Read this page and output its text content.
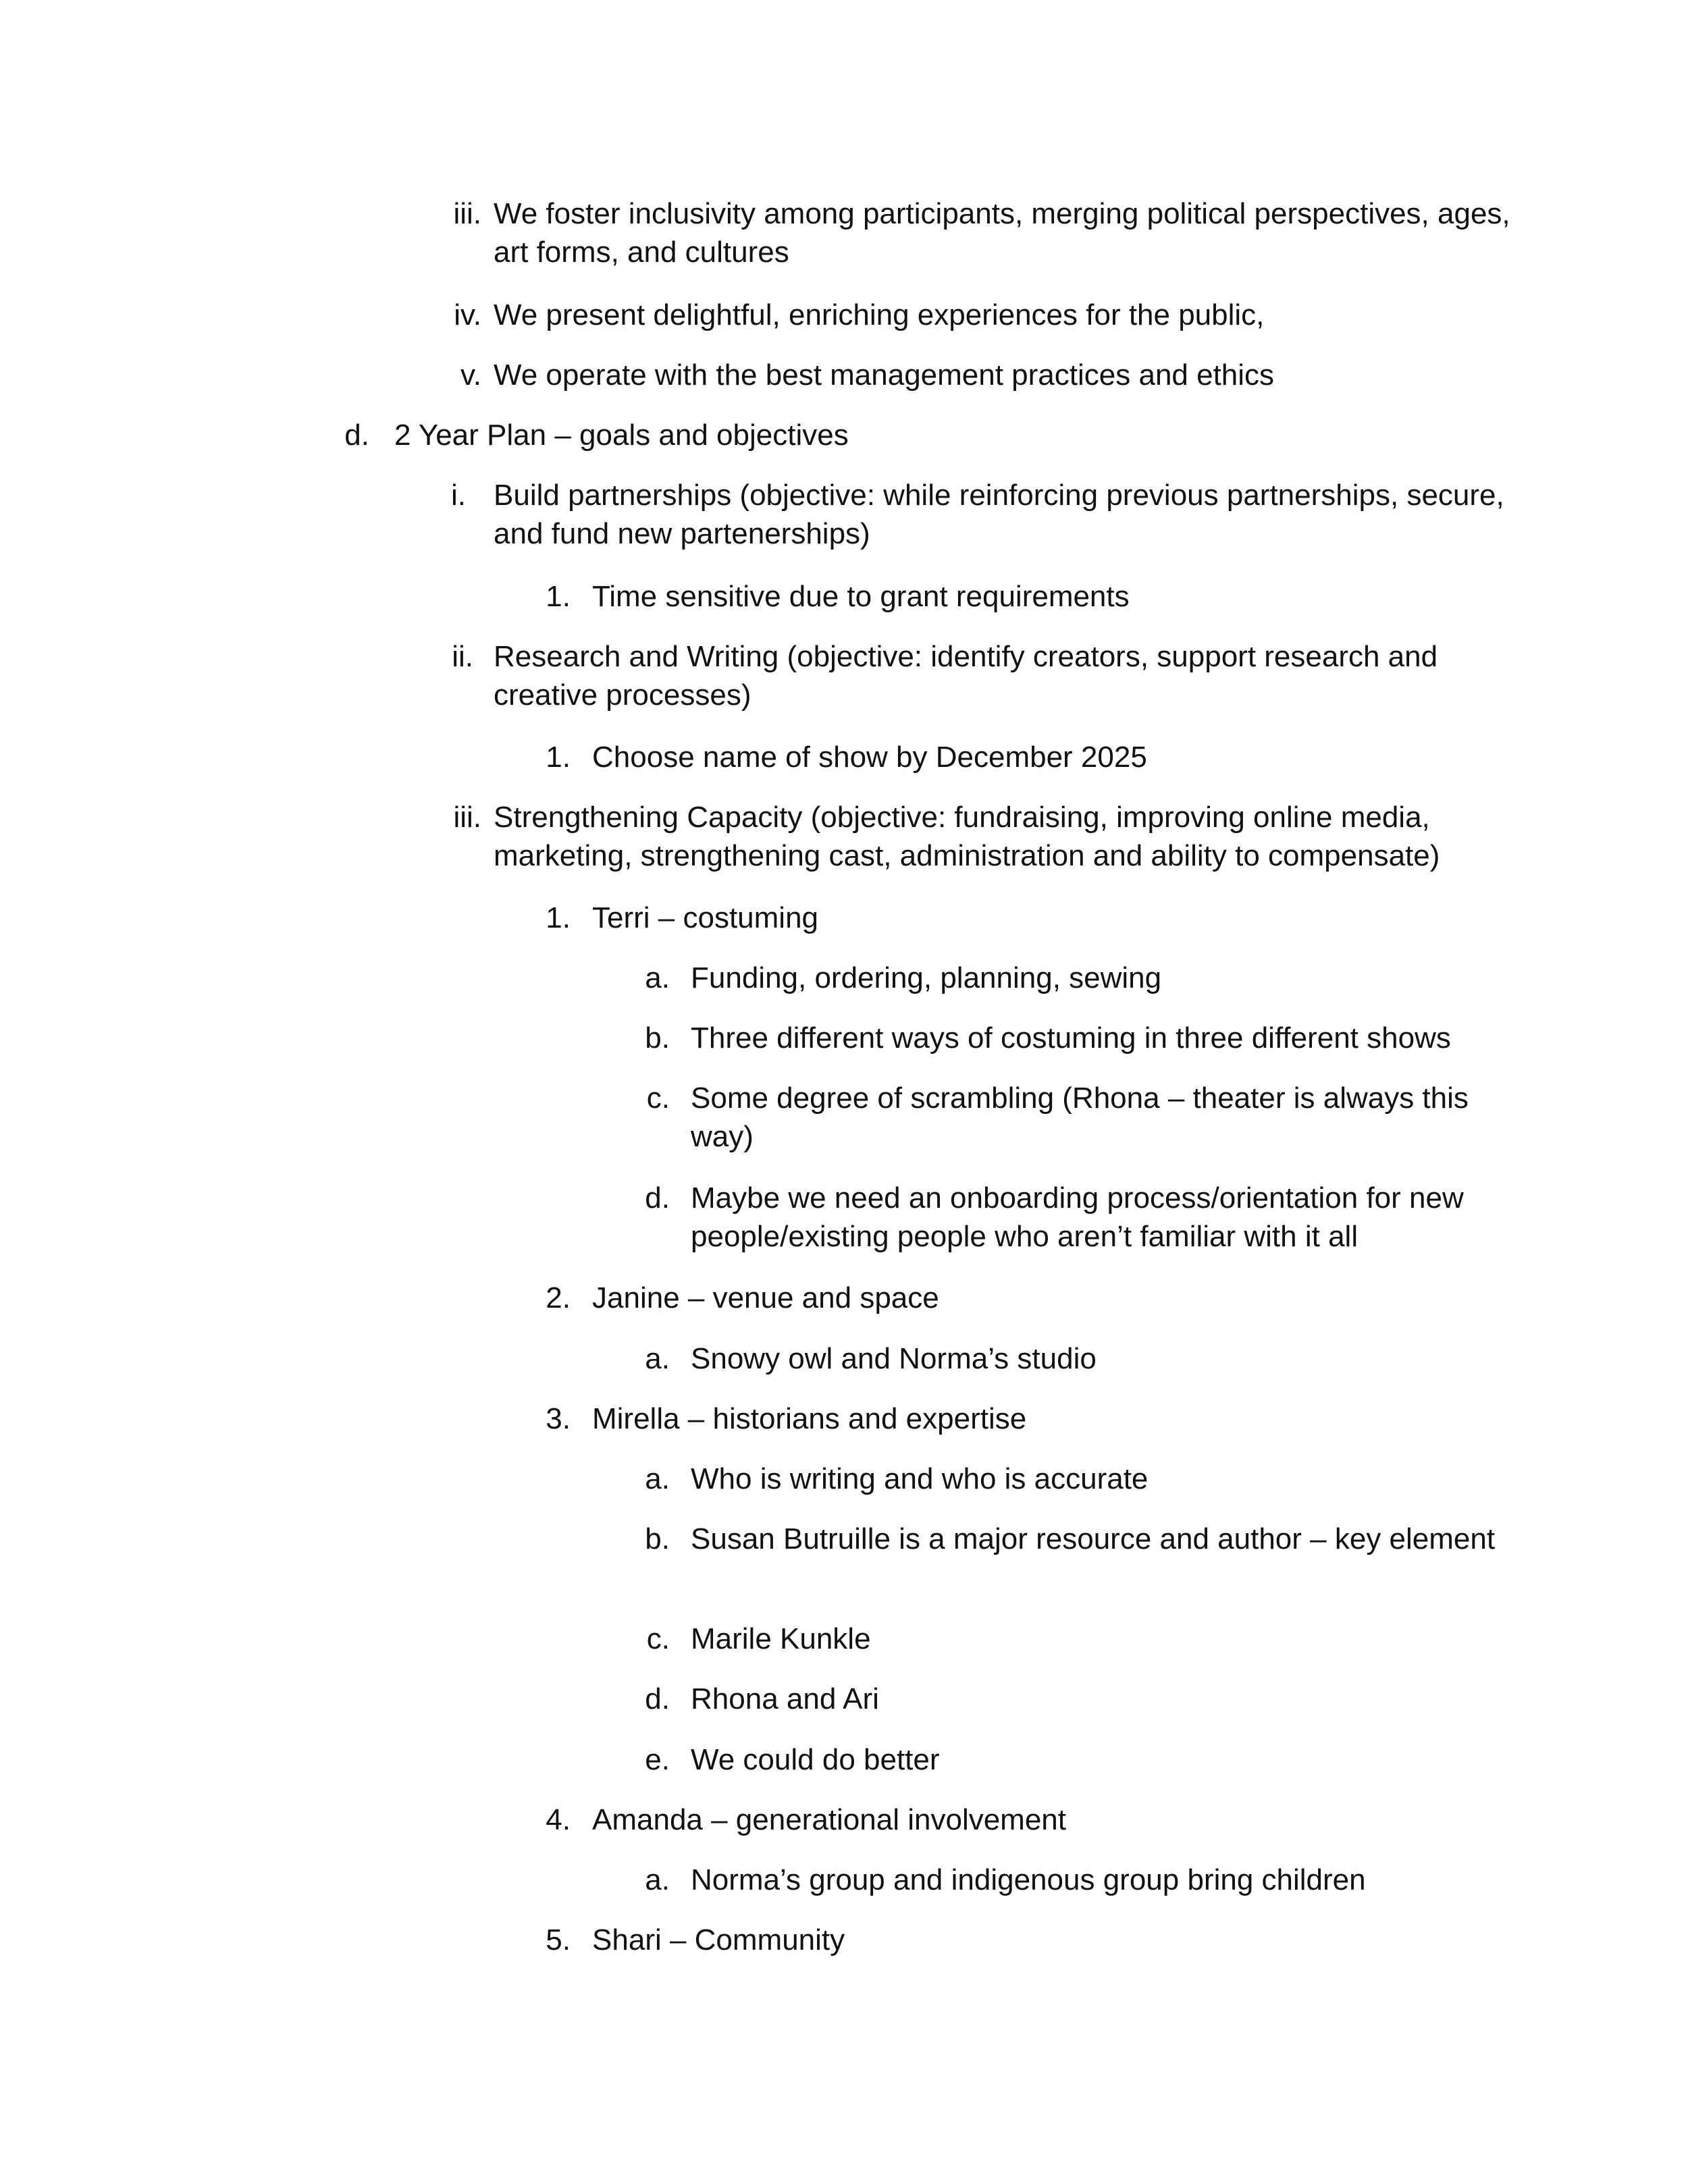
iii. We foster inclusivity among participants, merging political perspectives, ages, art forms, and cultures
iv. We present delightful, enriching experiences for the public,
v. We operate with the best management practices and ethics
d. 2 Year Plan – goals and objectives
i. Build partnerships (objective: while reinforcing previous partnerships, secure, and fund new partenerships)
1. Time sensitive due to grant requirements
ii. Research and Writing (objective: identify creators, support research and creative processes)
1. Choose name of show by December 2025
iii. Strengthening Capacity (objective: fundraising, improving online media, marketing, strengthening cast, administration and ability to compensate)
1. Terri – costuming
a. Funding, ordering, planning, sewing
b. Three different ways of costuming in three different shows
c. Some degree of scrambling (Rhona – theater is always this way)
d. Maybe we need an onboarding process/orientation for new people/existing people who aren’t familiar with it all
2. Janine – venue and space
a. Snowy owl and Norma’s studio
3. Mirella – historians and expertise
a. Who is writing and who is accurate
b. Susan Butruille is a major resource and author – key element
c. Marile Kunkle
d. Rhona and Ari
e. We could do better
4. Amanda – generational involvement
a. Norma’s group and indigenous group bring children
5. Shari – Community
